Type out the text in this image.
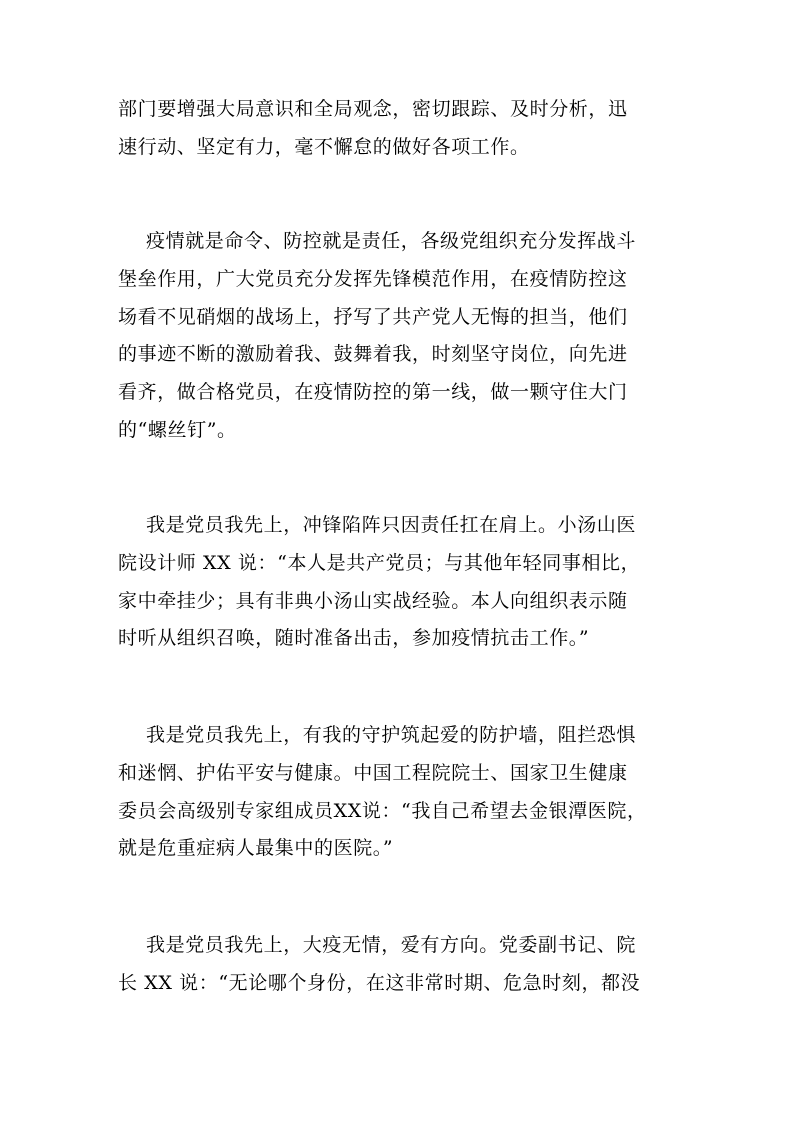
部门要增强大局意识和全局观念，密切跟踪、及时分析，迅
速行动、坚定有力，毫不懈怠的做好各项工作。
疫情就是命令、防控就是责任，各级党组织充分发挥战斗
堡垒作用，广大党员充分发挥先锋模范作用，在疫情防控这
场看不见硝烟的战场上，抒写了共产党人无悔的担当，他们
的事迹不断的激励着我、鼓舞着我，时刻坚守岗位，向先进
看齐，做合格党员，在疫情防控的第一线，做一颗守住大门
的“螺丝钉”。
我是党员我先上，冲锋陷阵只因责任扛在肩上。小汤山医
院设计师 XX 说：“本人是共产党员；与其他年轻同事相比，
家中牵挂少；具有非典小汤山实战经验。本人向组织表示随
时听从组织召唤，随时准备出击，参加疫情抗击工作。”
我是党员我先上，有我的守护筑起爱的防护墙，阻拦恐惧
和迷惘、护佑平安与健康。中国工程院院士、国家卫生健康
委员会高级别专家组成员XX说：“我自己希望去金银潭医院，
就是危重症病人最集中的医院。”
我是党员我先上，大疫无情，爱有方向。党委副书记、院
长 XX 说：“无论哪个身份，在这非常时期、危急时刻，都没
